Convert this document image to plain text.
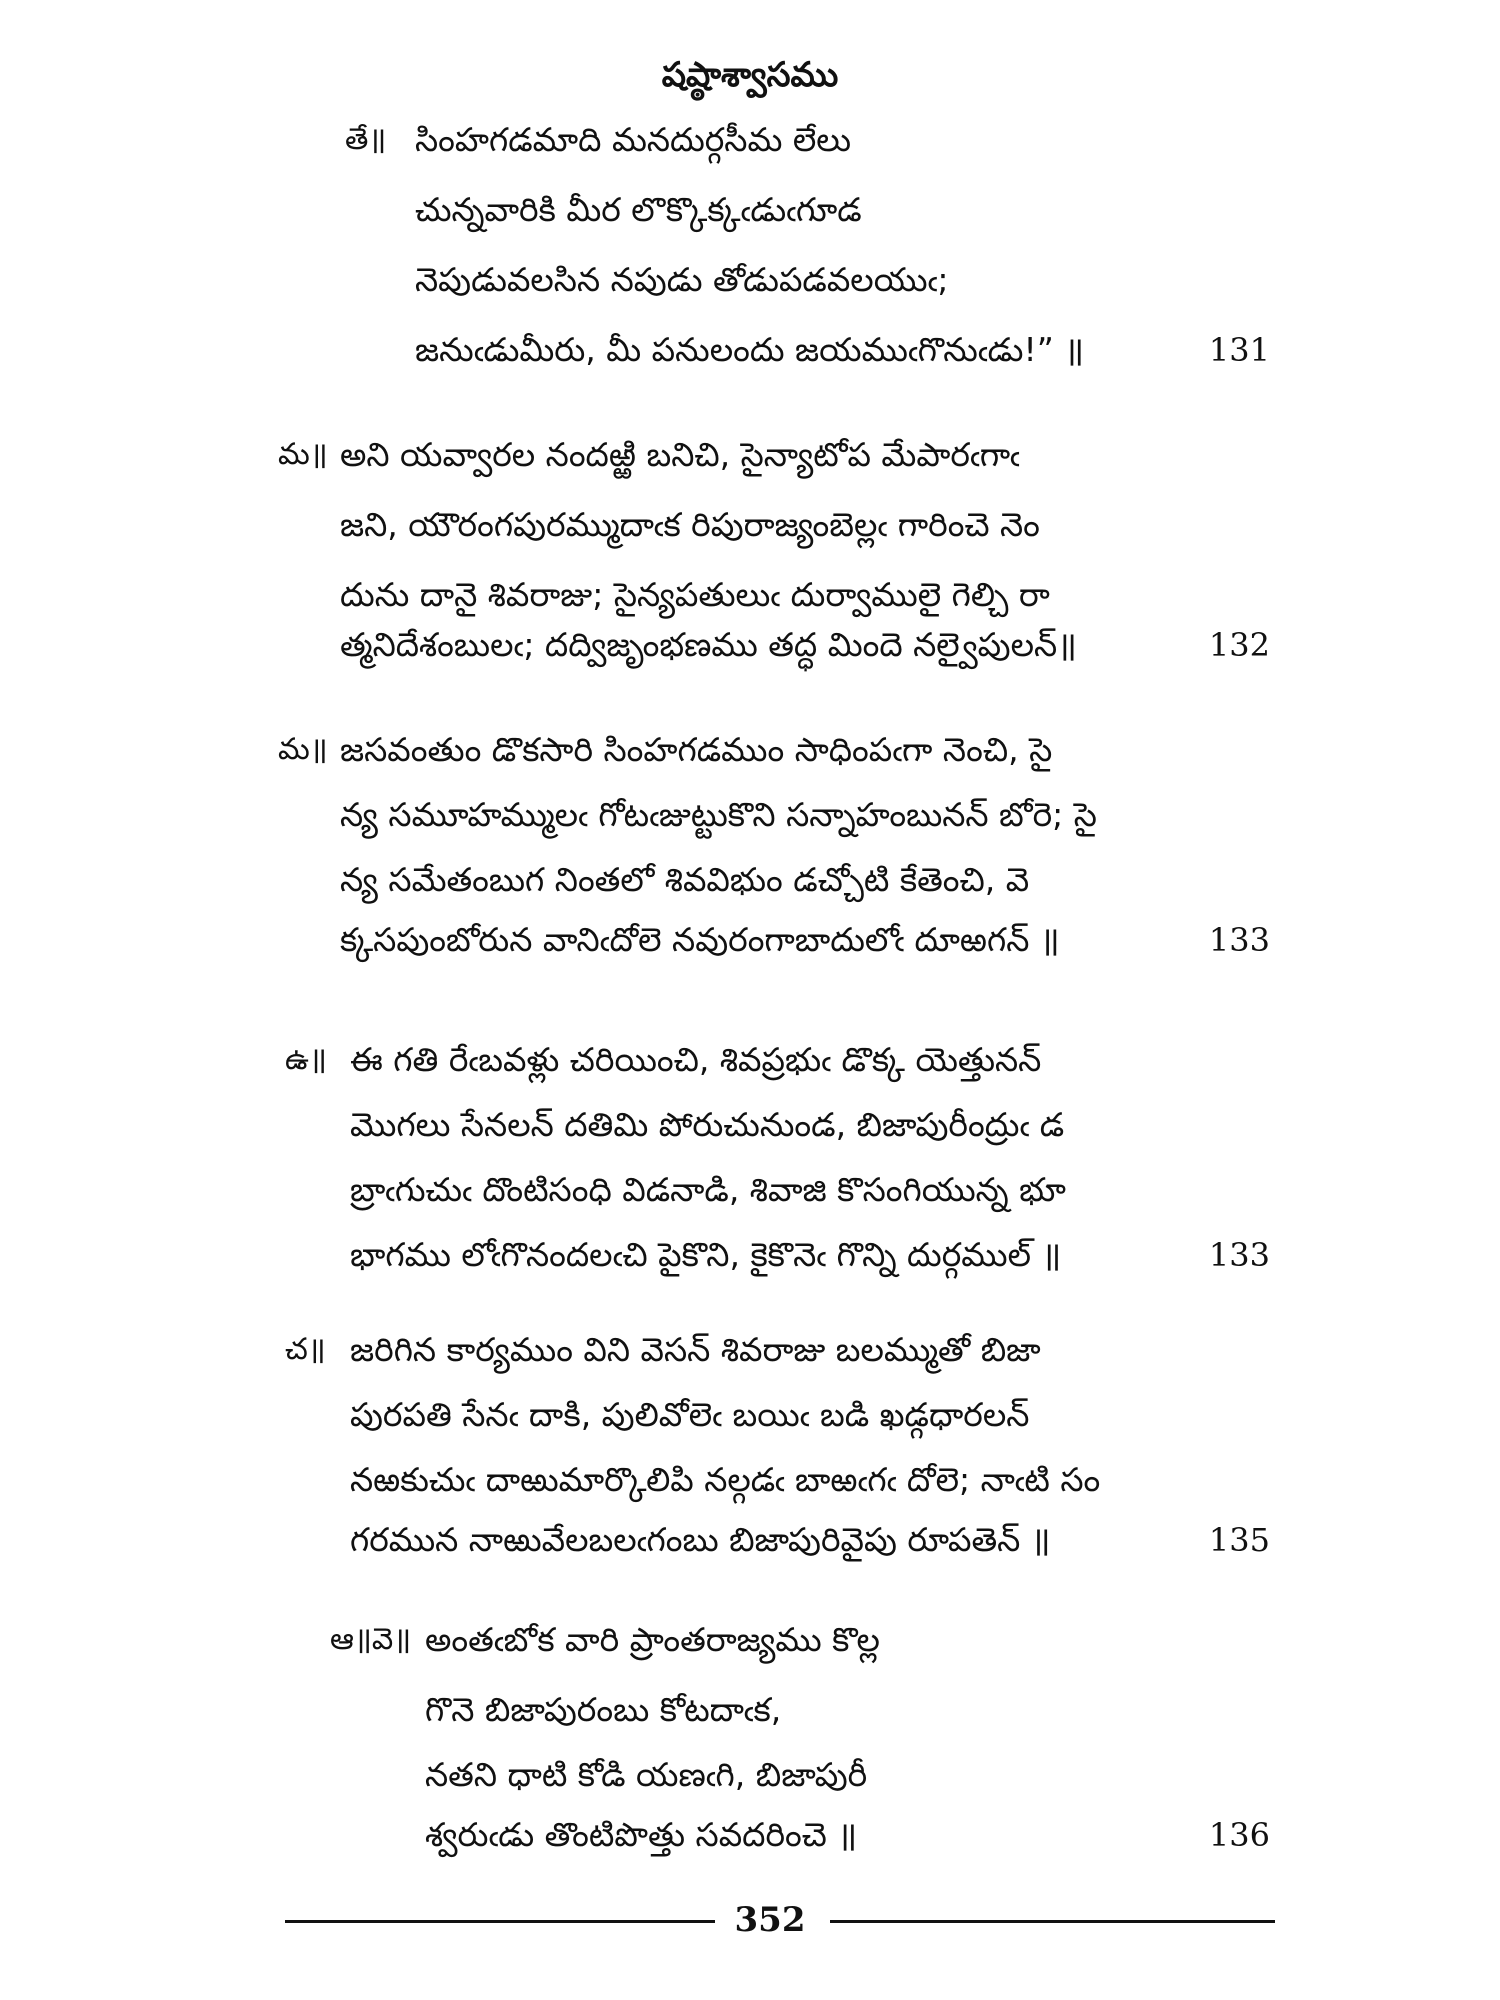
షష్ఠాశ్వాసము
తే॥ సింహగడమాది మనదుర్గసీమ లేలు
చున్నవారికి మీర లొక్కొక్కఁడుఁగూడ
నెపుడువలసిన నపుడు తోడుపడవలయుఁ;
జనుఁడుమీరు, మీ పనులందు జయముఁగొనుఁడు!” ॥	131
మ॥ అని యవ్వారల నందఱ్ఱి బనిచి, సైన్యాటోప మేపారఁగాఁ
జని, యౌరంగపురమ్ముదాఁక రిపురాజ్యంబెల్లఁ గారించె నెం
దును దానై శివరాజు; సైన్యపతులుఁ దుర్వాములై గెల్చి రా
త్మనిదేశంబులఁ; దద్విజృంభణము తద్ధ మిందె నల్వైపులన్॥	132
మ॥ జసవంతుం డొకసారి సింహగడముం సాధింపఁగా నెంచి, సై
న్య సమూహమ్ములఁ గోటఁజుట్టుకొని సన్నాహంబునన్ బోరె; సై
న్య సమేతంబుగ నింతలో శివవిభుం డచ్చోటి కేతెంచి, వె
క్కసపుంబోరున వానిఁదోలె నవురంగాబాదులోఁ దూఱగన్ ॥	133
ఉ॥ ఈ గతి రేఁబవళ్లు చరియించి, శివప్రభుఁ డొక్క యెత్తునన్
మొగలు సేనలన్ దతిమి పోరుచునుండ, బిజాపురీంద్రుఁ డ
బ్రాఁగుచుఁ దొంటిసంధి విడనాడి, శివాజి కొసంగియున్న భూ
భాగము లోఁగొనందలఁచి పైకొని, కైకొనెఁ గొన్ని దుర్గముల్ ॥	133
చ॥ జరిగిన కార్యముం విని వెసన్ శివరాజు బలమ్ముతో బిజా
పురపతి సేనఁ దాకి, పులివోలెఁ బయిఁ బడి ఖడ్గధారలన్
నఱకుచుఁ దాఱుమార్కొలిపి నల్గడఁ బాఱఁగఁ దోలె; నాఁటి సం
గరమున నాఱువేలబలఁగంబు బిజాపురివైపు రూపతెన్ ॥	135
ఆ॥వె॥ అంతఁబోక వారి ప్రాంతరాజ్యము కొల్ల
గొనె బిజాపురంబు కోటదాఁక,
నతని ధాటి కోడి యణఁగి, బిజాపురీ
శ్వరుఁడు తొంటిపొత్తు సవదరించె ॥	136
352
